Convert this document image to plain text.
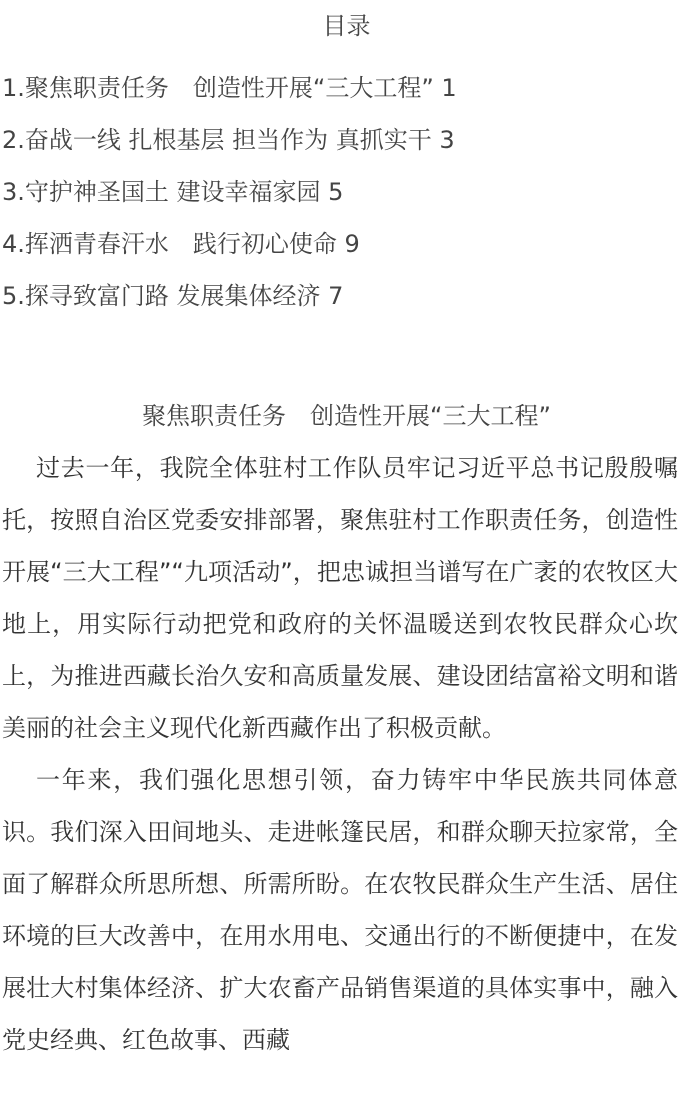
目录
1.聚焦职责任务　创造性开展“三大工程” 1
2.奋战一线 扎根基层 担当作为 真抓实干 3
3.守护神圣国土 建设幸福家园 5
4.挥洒青春汗水　践行初心使命 9
5.探寻致富门路 发展集体经济 7
聚焦职责任务　创造性开展“三大工程”

过去一年，我院全体驻村工作队员牢记习近平总书记殷殷嘱托，按照自治区党委安排部署，聚焦驻村工作职责任务，创造性开展“三大工程”“九项活动”，把忠诚担当谱写在广袤的农牧区大地上，用实际行动把党和政府的关怀温暖送到农牧民群众心坎上，为推进西藏长治久安和高质量发展、建设团结富裕文明和谐美丽的社会主义现代化新西藏作出了积极贡献。

一年来，我们强化思想引领，奋力铸牢中华民族共同体意识。我们深入田间地头、走进帐篷民居，和群众聊天拉家常，全面了解群众所思所想、所需所盼。在农牧民群众生产生活、居住环境的巨大改善中，在用水用电、交通出行的不断便捷中，在发展壮大村集体经济、扩大农畜产品销售渠道的具体实事中，融入党史经典、红色故事、西藏
